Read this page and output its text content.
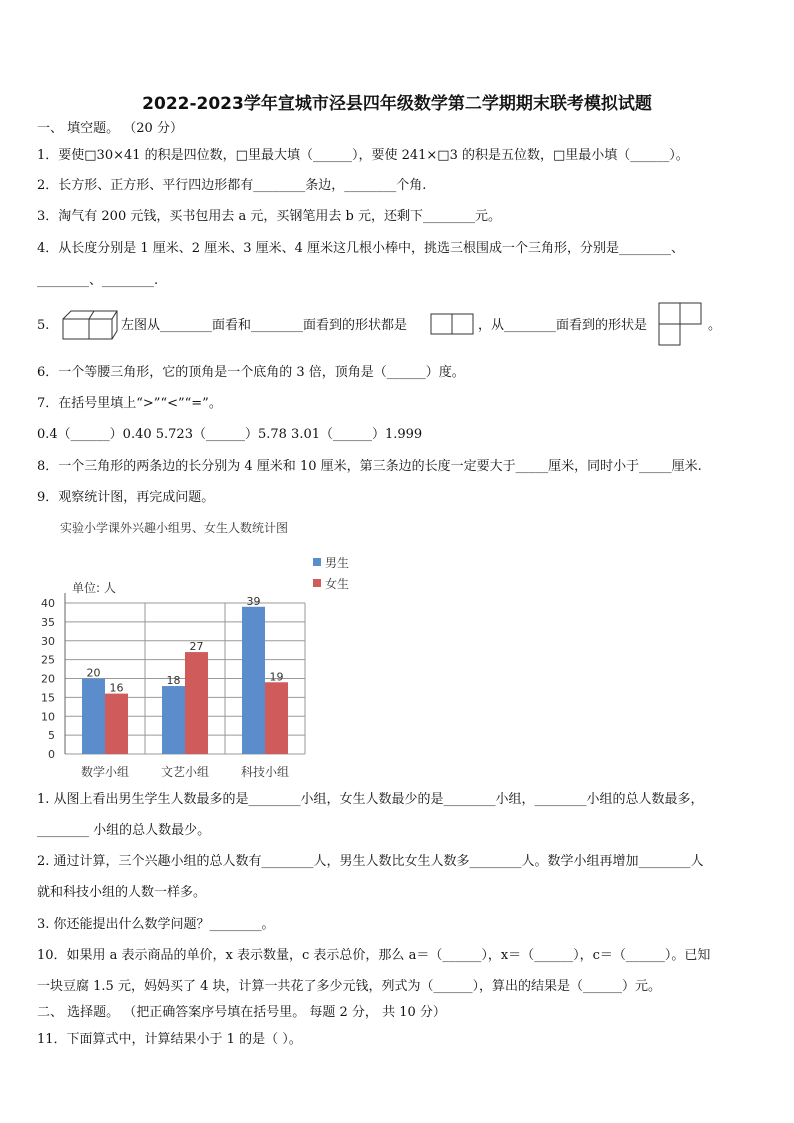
2022-2023学年宣城市泾县四年级数学第二学期期末联考模拟试题
一、 填空题。 （20 分）
1．要使□30×41 的积是四位数，□里最大填（______），要使 241×□3 的积是五位数，□里最小填（______）。
2．长方形、正方形、平行四边形都有________条边，________个角.
3．淘气有 200 元钱，买书包用去 a 元，买钢笔用去 b 元，还剩下________元。
4．从长度分别是 1 厘米、2 厘米、3 厘米、4 厘米这几根小棒中，挑选三根围成一个三角形，分别是________、
________、________.
5.	左图从________面看和________面看到的形状都是	，从________面看到的形状是	。
6．一个等腰三角形，它的顶角是一个底角的 3 倍，顶角是（______）度。
7．在括号里填上“>”“<”“=”。
0.4（______）0.40 5.723（______）5.78 3.01（______）1.999
8．一个三角形的两条边的长分别为 4 厘米和 10 厘米，第三条边的长度一定要大于_____厘米，同时小于_____厘米.
9．观察统计图，再完成问题。
实验小学课外兴趣小组男、女生人数统计图
0
5
10
15
20
25
30
35
40
单位: 人
20
16
数学小组
18
27
文艺小组
39
19
科技小组
男生
女生
1. 从图上看出男生学生人数最多的是________小组，女生人数最少的是________小组，________小组的总人数最多，
________ 小组的总人数最少。
2. 通过计算，三个兴趣小组的总人数有________人，男生人数比女生人数多________人。数学小组再增加________人
就和科技小组的人数一样多。
3. 你还能提出什么数学问题？________。
10．如果用 a 表示商品的单价，x 表示数量，c 表示总价，那么 a＝（______），x＝（______），c＝（______）。已知
一块豆腐 1.5 元，妈妈买了 4 块，计算一共花了多少元钱，列式为（______），算出的结果是（______）元。
二、 选择题。 （把正确答案序号填在括号里。 每题 2 分， 共 10 分）
11．下面算式中，计算结果小于 1 的是（ ）。
